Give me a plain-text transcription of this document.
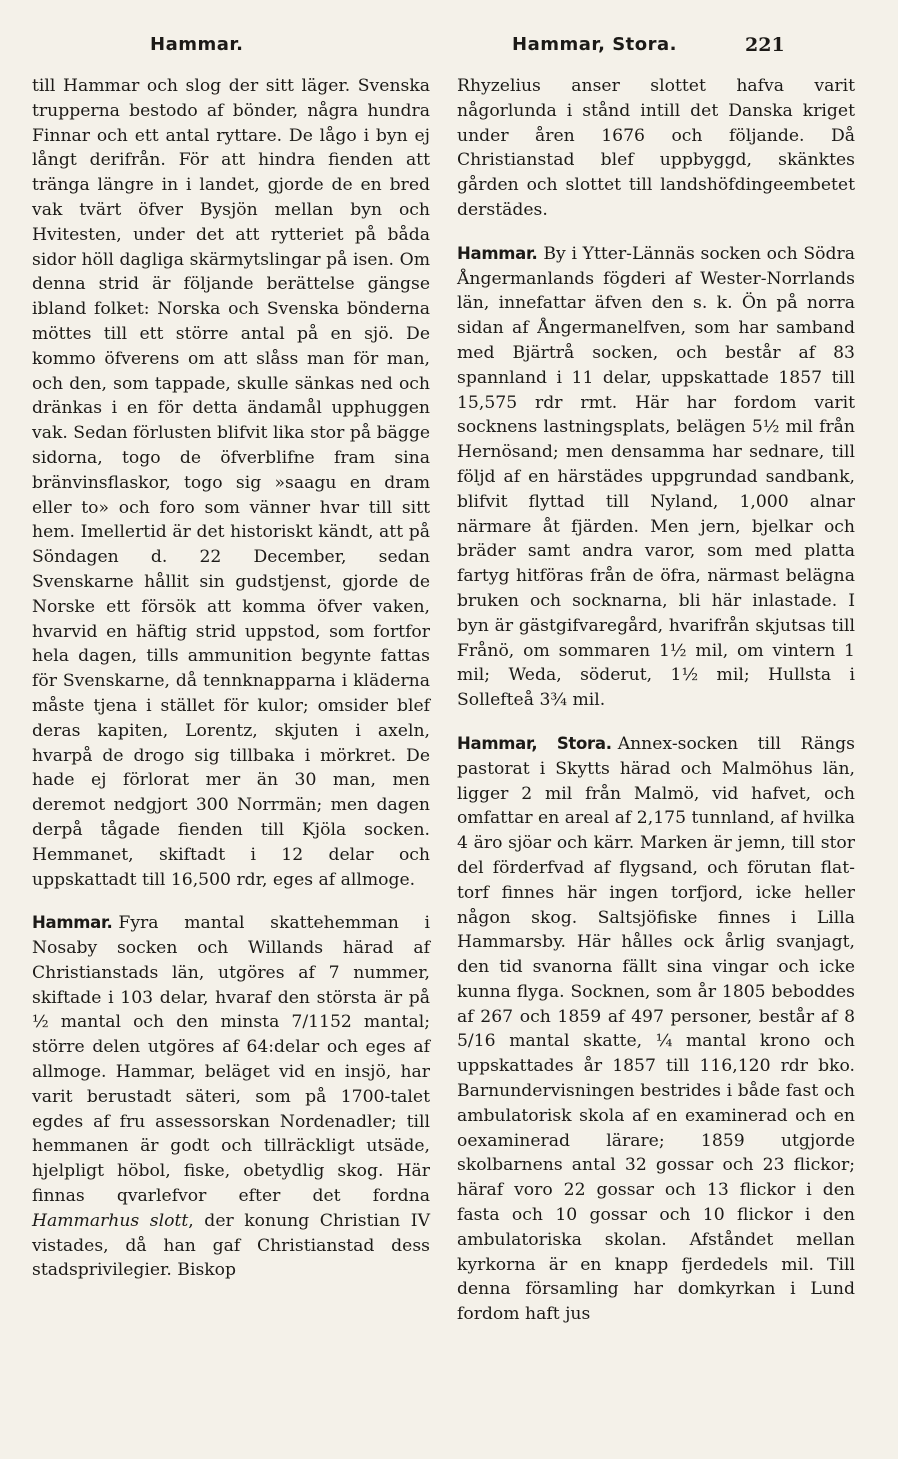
Hammar.	Hammar, Stora.	221

till Hammar och slog der sitt läger. Svenska trupperna bestodo af bönder, några hundra Finnar och ett antal ryttare. De lågo i byn ej långt derifrån. För att hindra fienden att tränga längre in i landet, gjorde de en bred vak tvärt öfver Bysjön mellan byn och Hvitesten, under det att rytteriet på båda sidor höll dagliga skärmytslingar på isen. Om denna strid är följande berättelse gängse ibland folket: Norska och Svenska bönderna möttes till ett större antal på en sjö. De kommo öfverens om att slåss man för man, och den, som tappade, skulle sänkas ned och dränkas i en för detta ändamål upphuggen vak. Sedan förlusten blifvit lika stor på bägge sidorna, togo de öfverblifne fram sina bränvinsflaskor, togo sig »saagu en dram eller to» och foro som vänner hvar till sitt hem. Imellertid är det historiskt kändt, att på Söndagen d. 22 December, sedan Svenskarne hållit sin gudstjenst, gjorde de Norske ett försök att komma öfver vaken, hvarvid en häftig strid uppstod, som fortfor hela dagen, tills ammunition begynte fattas för Svenskarne, då tennknapparna i kläderna måste tjena i stället för kulor; omsider blef deras kapiten, Lorentz, skjuten i axeln, hvarpå de drogo sig tillbaka i mörkret. De hade ej förlorat mer än 30 man, men deremot nedgjort 300 Norrmän; men dagen derpå tågade fienden till Kjöla socken. Hemmanet, skiftadt i 12 delar och uppskattadt till 16,500 rdr, eges af allmoge.

Hammar. Fyra mantal skattehemman i Nosaby socken och Willands härad af Christianstads län, utgöres af 7 nummer, skiftade i 103 delar, hvaraf den största är på ½ mantal och den minsta 7/1152 mantal; större delen utgöres af 64:delar och eges af allmoge. Hammar, beläget vid en insjö, har varit berustadt säteri, som på 1700-talet egdes af fru assessorskan Nordenadler; till hemmanen är godt och tillräckligt utsäde, hjelpligt höbol, fiske, obetydlig skog. Här finnas qvarlefvor efter det fordna Hammarhus slott, der konung Christian IV vistades, då han gaf Christianstad dess stadsprivilegier. Biskop

Rhyzelius anser slottet hafva varit någorlunda i stånd intill det Danska kriget under åren 1676 och följande. Då Christianstad blef uppbyggd, skänktes gården och slottet till landshöfdingeembetet derstädes.

Hammar. By i Ytter-Lännäs socken och Södra Ångermanlands fögderi af Wester-Norrlands län, innefattar äfven den s. k. Ön på norra sidan af Ångermanelfven, som har samband med Bjärtrå socken, och består af 83 spannland i 11 delar, uppskattade 1857 till 15,575 rdr rmt. Här har fordom varit socknens lastningsplats, belägen 5½ mil från Hernösand; men densamma har sednare, till följd af en härstädes uppgrundad sandbank, blifvit flyttad till Nyland, 1,000 alnar närmare åt fjärden. Men jern, bjelkar och bräder samt andra varor, som med platta fartyg hitföras från de öfra, närmast belägna bruken och socknarna, bli här inlastade. I byn är gästgifvaregård, hvarifrån skjutsas till Frånö, om sommaren 1½ mil, om vintern 1 mil; Weda, söderut, 1½ mil; Hullsta i Sollefteå 3¾ mil.

Hammar, Stora. Annex-socken till Rängs pastorat i Skytts härad och Malmöhus län, ligger 2 mil från Malmö, vid hafvet, och omfattar en areal af 2,175 tunnland, af hvilka 4 äro sjöar och kärr. Marken är jemn, till stor del förderfvad af flygsand, och förutan flat-torf finnes här ingen torfjord, icke heller någon skog. Saltsjöfiske finnes i Lilla Hammarsby. Här hålles ock årlig svanjagt, den tid svanorna fällt sina vingar och icke kunna flyga. Socknen, som år 1805 beboddes af 267 och 1859 af 497 personer, består af 8 5/16 mantal skatte, ¼ mantal krono och uppskattades år 1857 till 116,120 rdr bko. Barnundervisningen bestrides i både fast och ambulatorisk skola af en examinerad och en oexaminerad lärare; 1859 utgjorde skolbarnens antal 32 gossar och 23 flickor; häraf voro 22 gossar och 13 flickor i den fasta och 10 gossar och 10 flickor i den ambulatoriska skolan. Afståndet mellan kyrkorna är en knapp fjerdedels mil. Till denna församling har domkyrkan i Lund fordom haft jus
